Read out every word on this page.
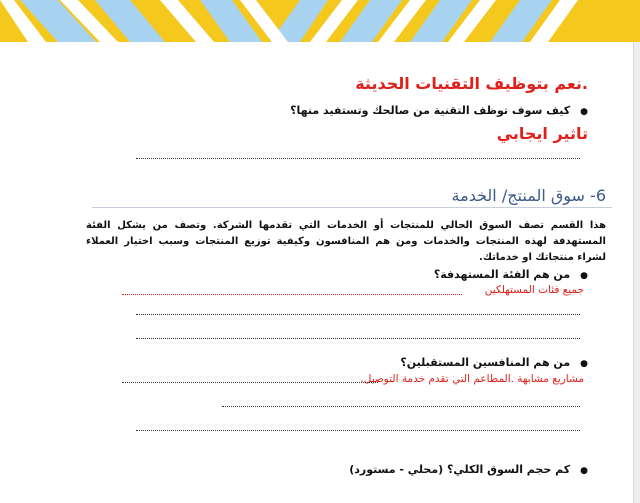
.نعم بتوظيف التقنيات الحديثة
●كيف سوف توظف التقنية من صالحك وتستفيد منها؟
تاثير ايجابي
6- سوق المنتج/ الخدمة
هذا القسم تصف السوق الحالي للمنتجات أو الخدمات التي تقدمها الشركة. وتصف من يشكل الفئة المستهدفة لهذه المنتجات والخدمات ومن هم المنافسون وكيفية توزيع المنتجات وسبب اختيار العملاء لشراء منتجاتك او خدماتك.
●من هم الفئة المستهدفة؟
جميع فئات المستهلكين
●من هم المنافسين المستقبلين؟
مشاريع مشابهة .المطاعم التي تقدم خدمة التوصيل.
●كم حجم السوق الكلي؟ (محلي - مستورد)
